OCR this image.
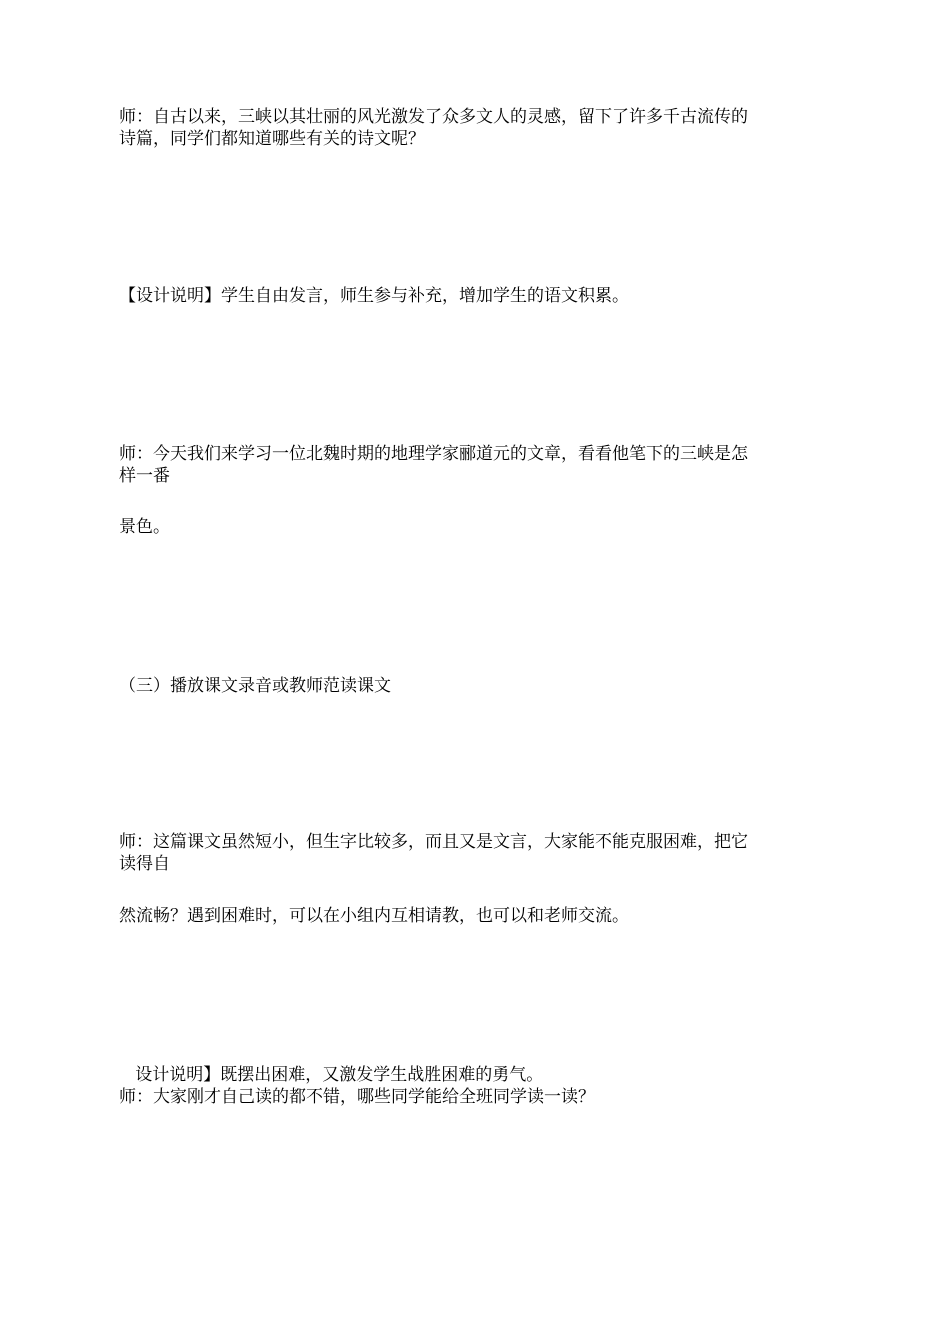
师：自古以来，三峡以其壮丽的风光激发了众多文人的灵感，留下了许多千古流传的

诗篇，同学们都知道哪些有关的诗文呢？

【设计说明】学生自由发言，师生参与补充，增加学生的语文积累。

师：今天我们来学习一位北魏时期的地理学家郦道元的文章，看看他笔下的三峡是怎

样一番

景色。

（三）播放课文录音或教师范读课文

师：这篇课文虽然短小，但生字比较多，而且又是文言，大家能不能克服困难，把它

读得自

然流畅？遇到困难时，可以在小组内互相请教，也可以和老师交流。

设计说明】既摆出困难，又激发学生战胜困难的勇气。

师：大家刚才自己读的都不错，哪些同学能给全班同学读一读？
